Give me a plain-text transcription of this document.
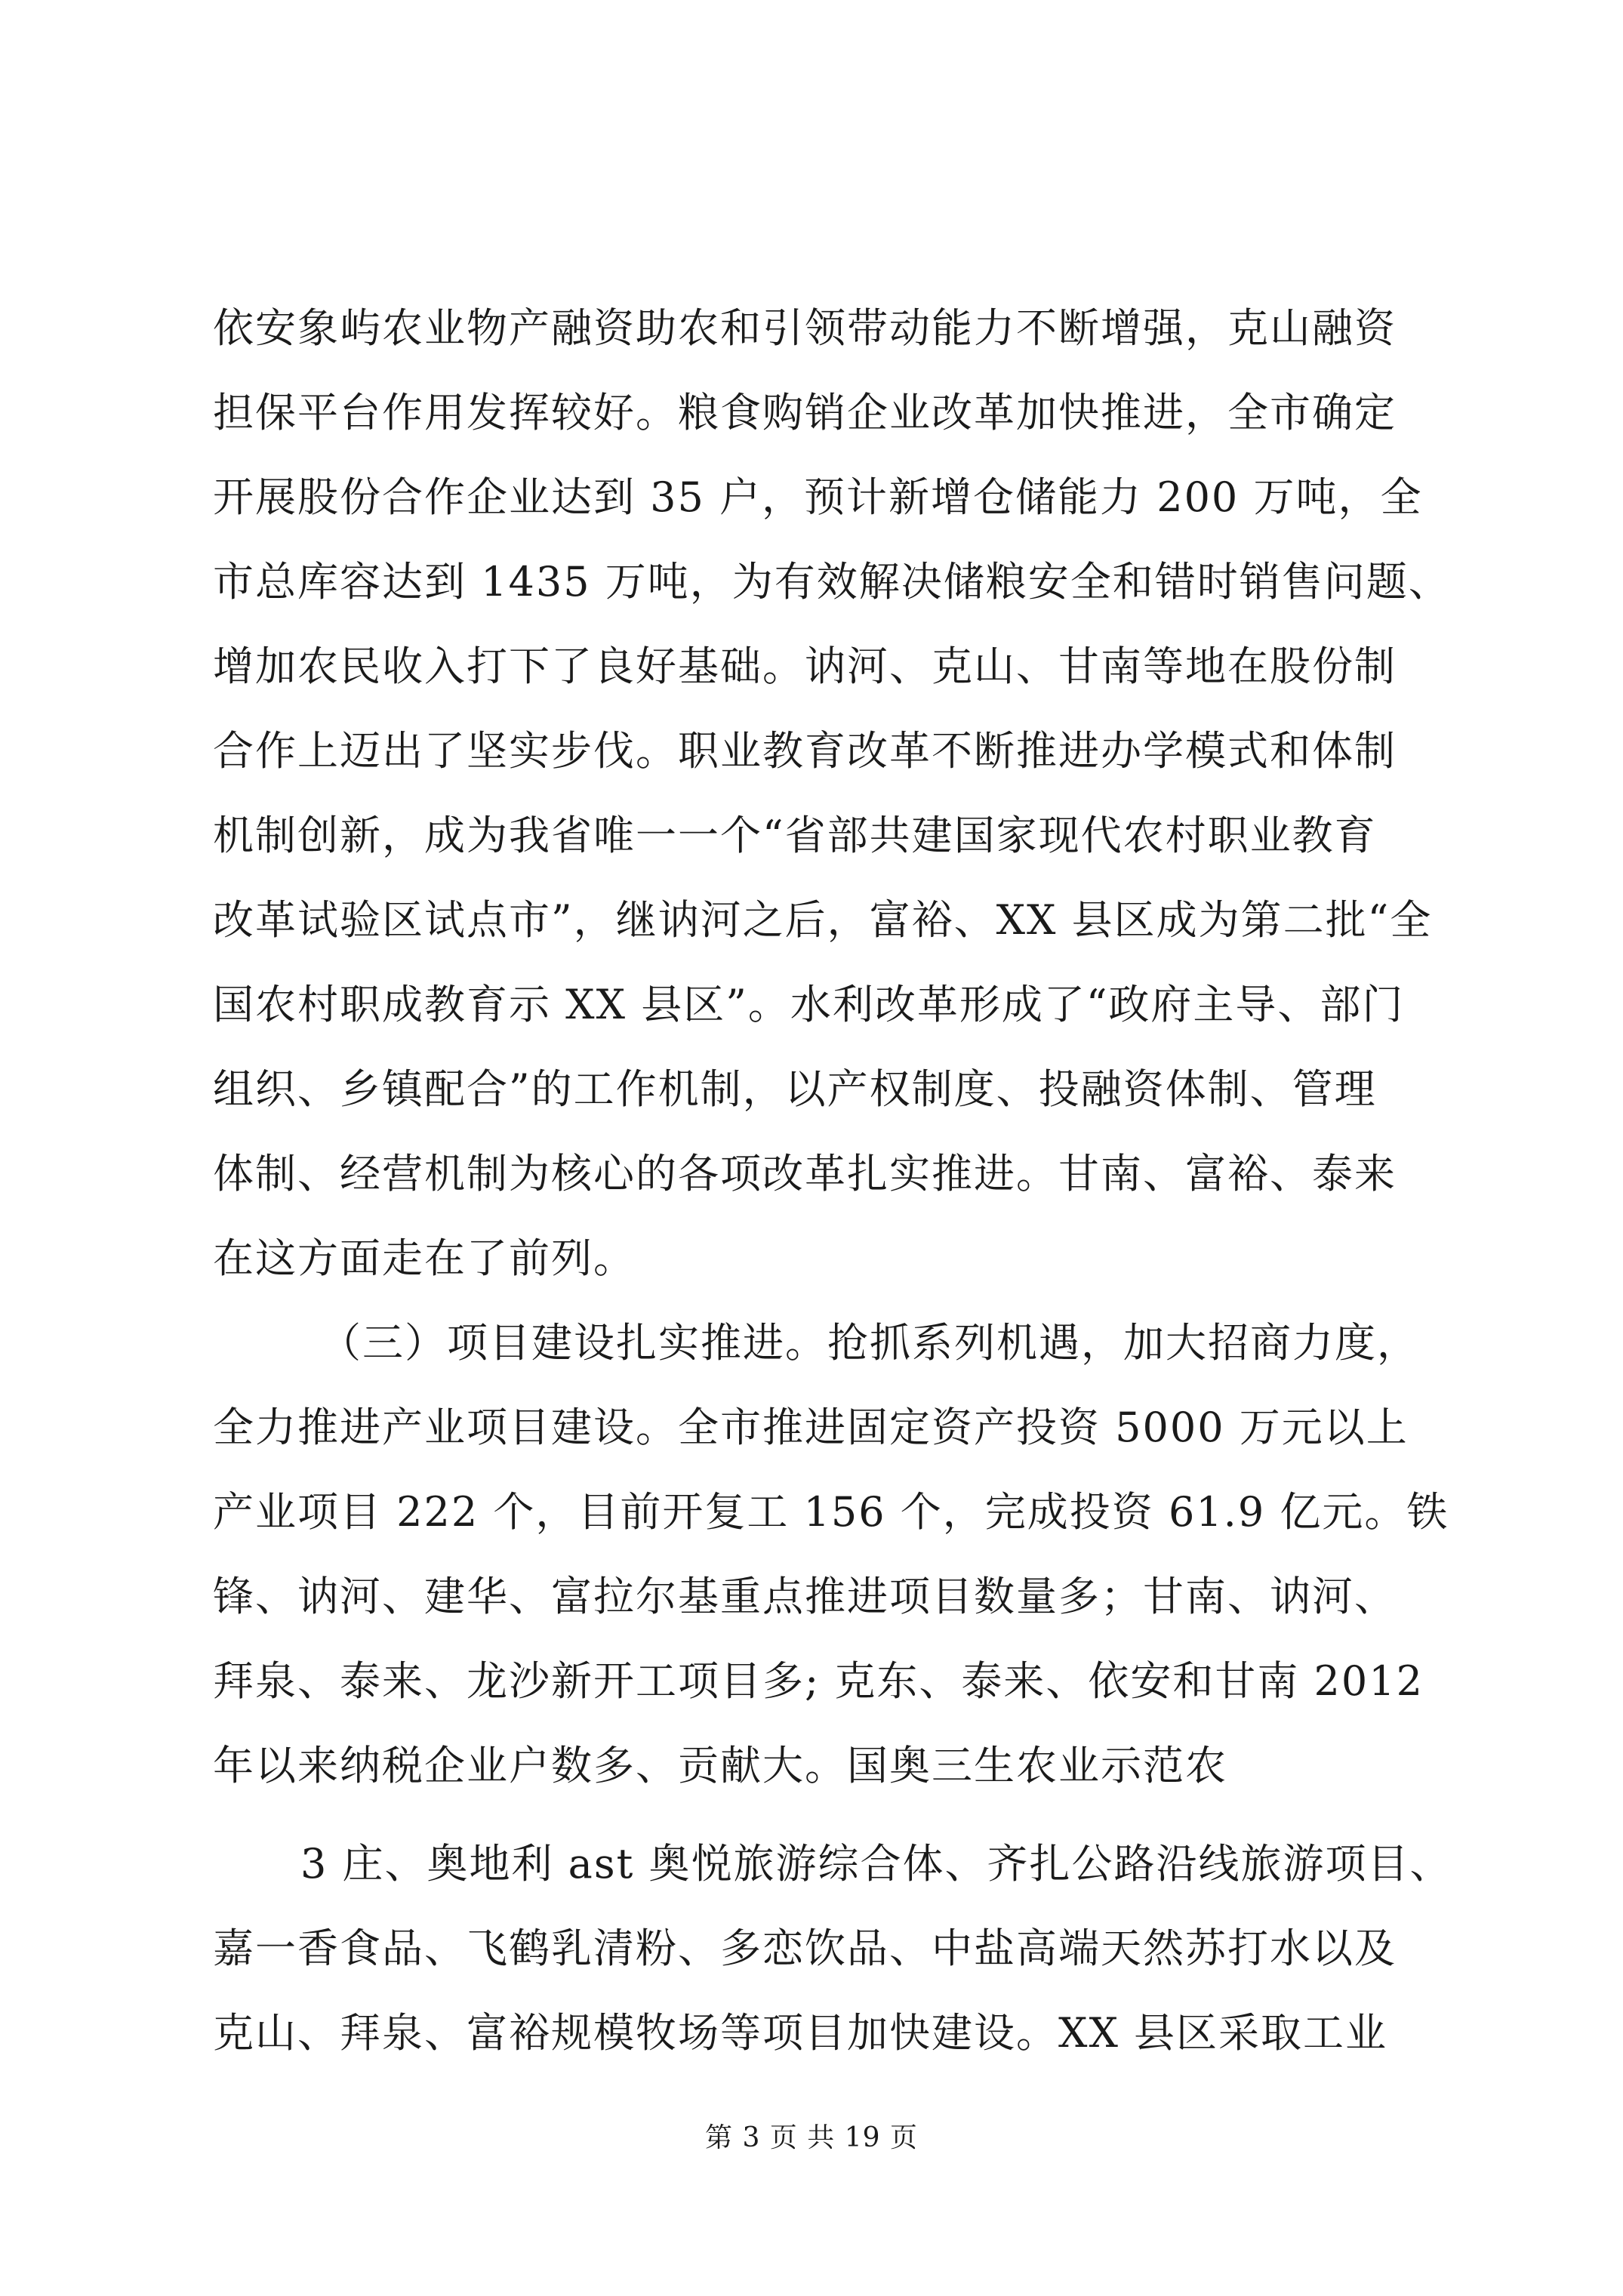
依安象屿农业物产融资助农和引领带动能力不断增强，克山融资
担保平台作用发挥较好。粮食购销企业改革加快推进，全市确定
开展股份合作企业达到 35 户，预计新增仓储能力 200 万吨，全
市总库容达到 1435 万吨，为有效解决储粮安全和错时销售问题、
增加农民收入打下了良好基础。讷河、克山、甘南等地在股份制
合作上迈出了坚实步伐。职业教育改革不断推进办学模式和体制
机制创新，成为我省唯一一个“省部共建国家现代农村职业教育
改革试验区试点市”，继讷河之后，富裕、XX 县区成为第二批“全
国农村职成教育示 XX 县区”。水利改革形成了“政府主导、部门
组织、乡镇配合”的工作机制，以产权制度、投融资体制、管理
体制、经营机制为核心的各项改革扎实推进。甘南、富裕、泰来
在这方面走在了前列。
（三）项目建设扎实推进。抢抓系列机遇，加大招商力度，
全力推进产业项目建设。全市推进固定资产投资 5000 万元以上
产业项目 222 个，目前开复工 156 个，完成投资 61.9 亿元。铁
锋、讷河、建华、富拉尔基重点推进项目数量多；甘南、讷河、
拜泉、泰来、龙沙新开工项目多; 克东、泰来、依安和甘南 2012
年以来纳税企业户数多、贡献大。国奥三生农业示范农
3 庄、奥地利 ast 奥悦旅游综合体、齐扎公路沿线旅游项目、
嘉一香食品、飞鹤乳清粉、多恋饮品、中盐高端天然苏打水以及
克山、拜泉、富裕规模牧场等项目加快建设。XX 县区采取工业
第 3 页 共 19 页
